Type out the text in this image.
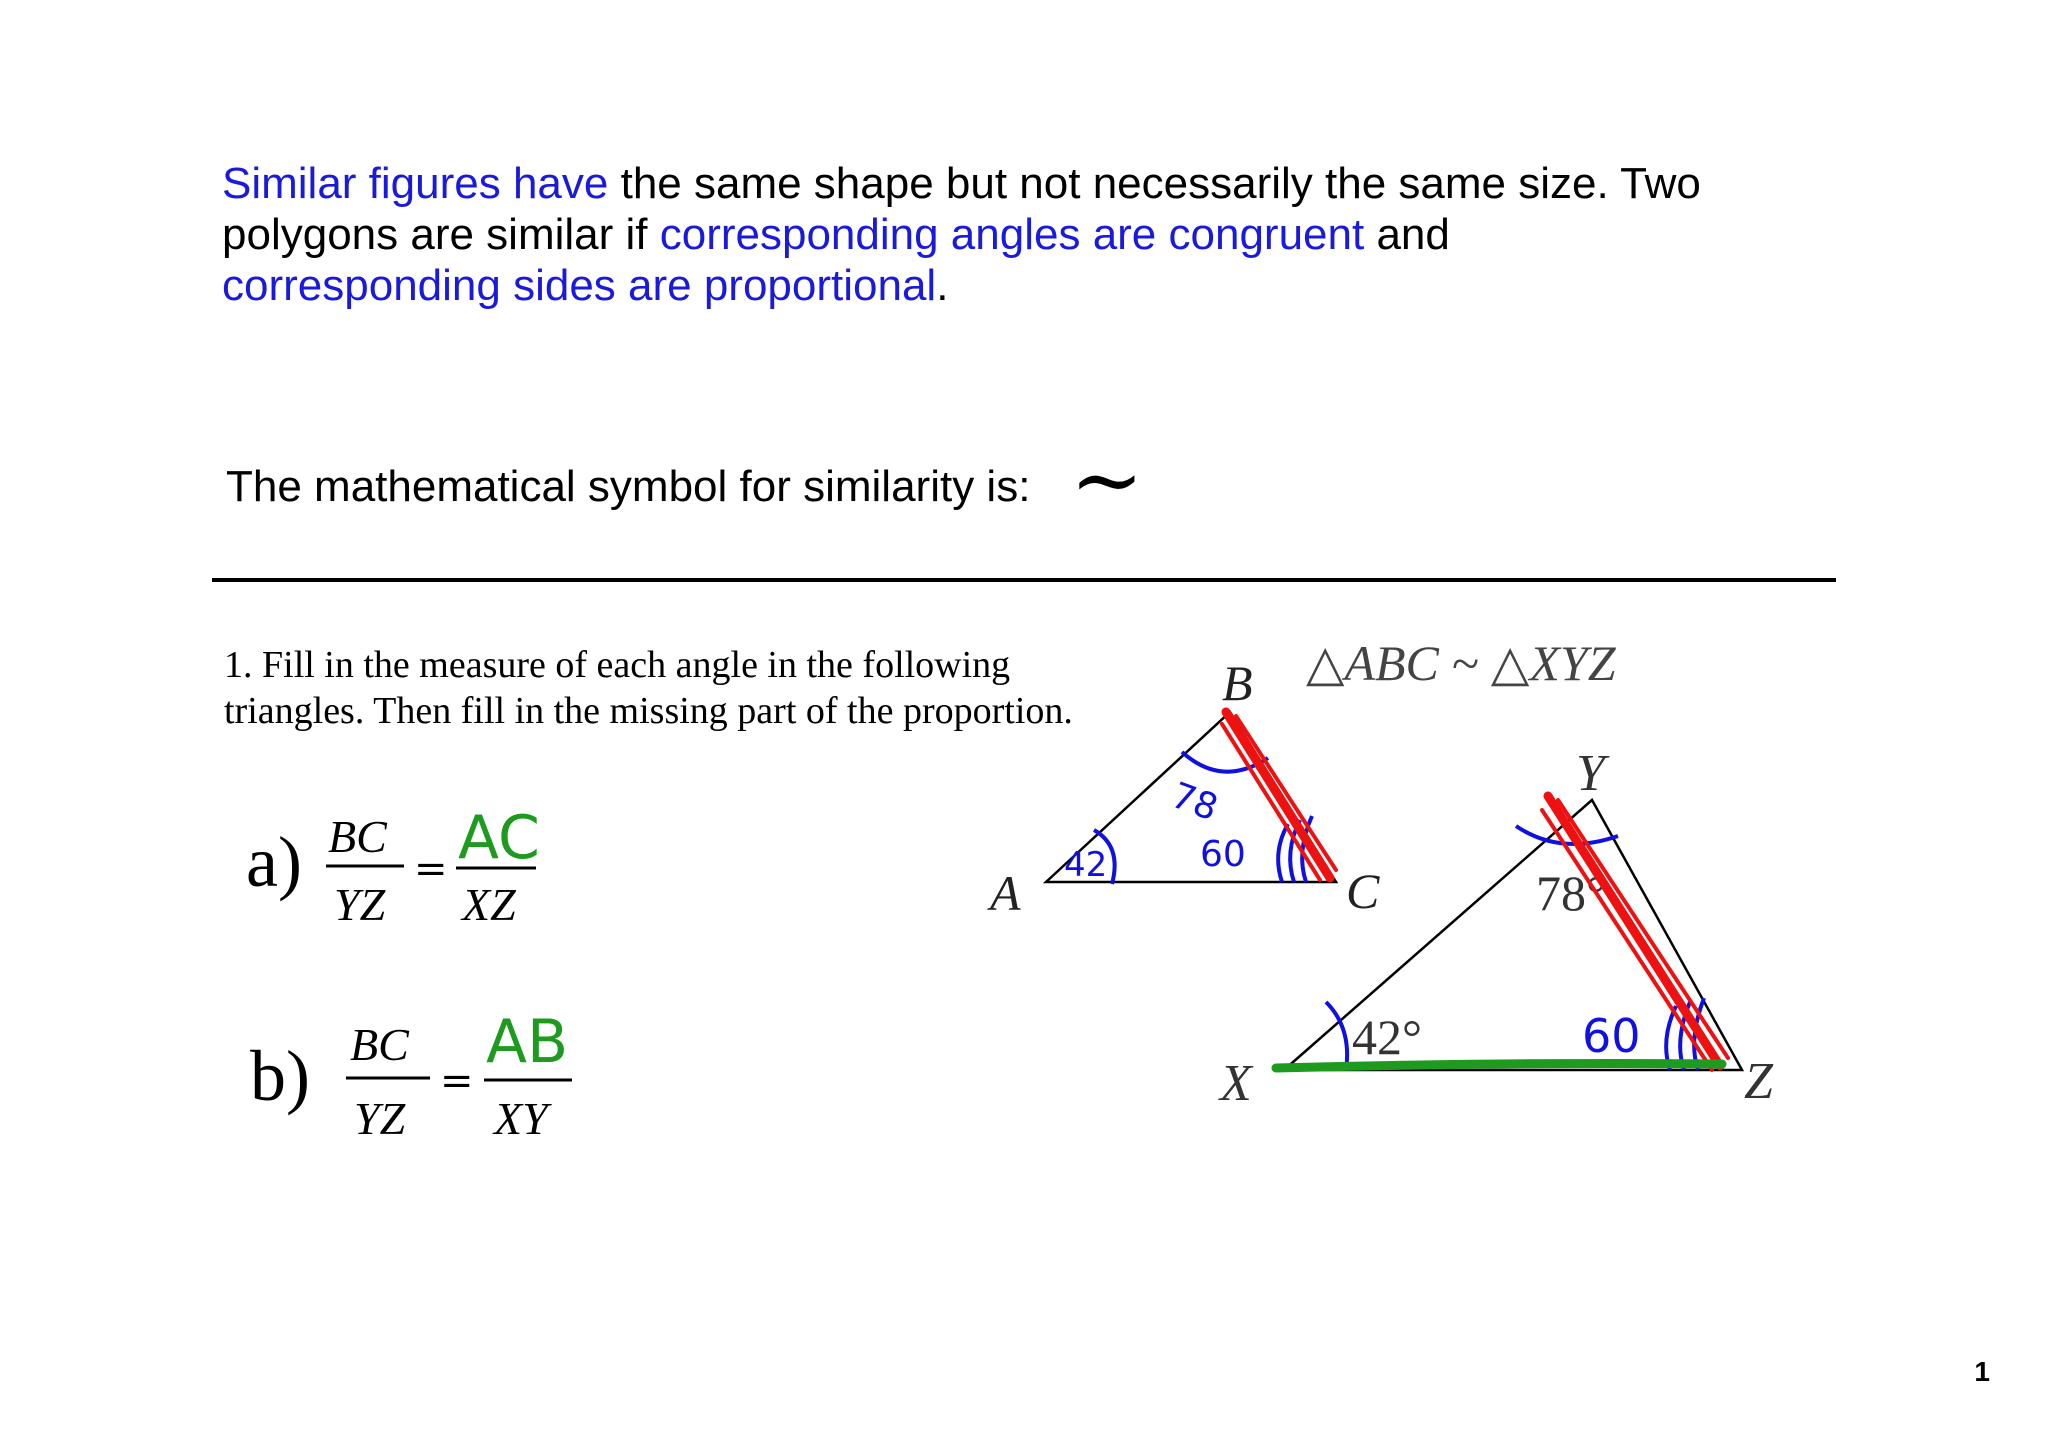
Similar figures have the same shape but not necessarily the same size. Two
polygons are similar if corresponding angles are congruent and
corresponding sides are proportional.
The mathematical symbol for similarity is: ~
1. Fill in the measure of each angle in the following
triangles. Then fill in the missing part of the proportion.
a)
b)
1
BC
YZ
= AC
XZ
BC
YZ
=
AB
XY
△ABC ~ △XYZ
A
B
C
42
78
60
X
Y
Z
42°
78°
60
